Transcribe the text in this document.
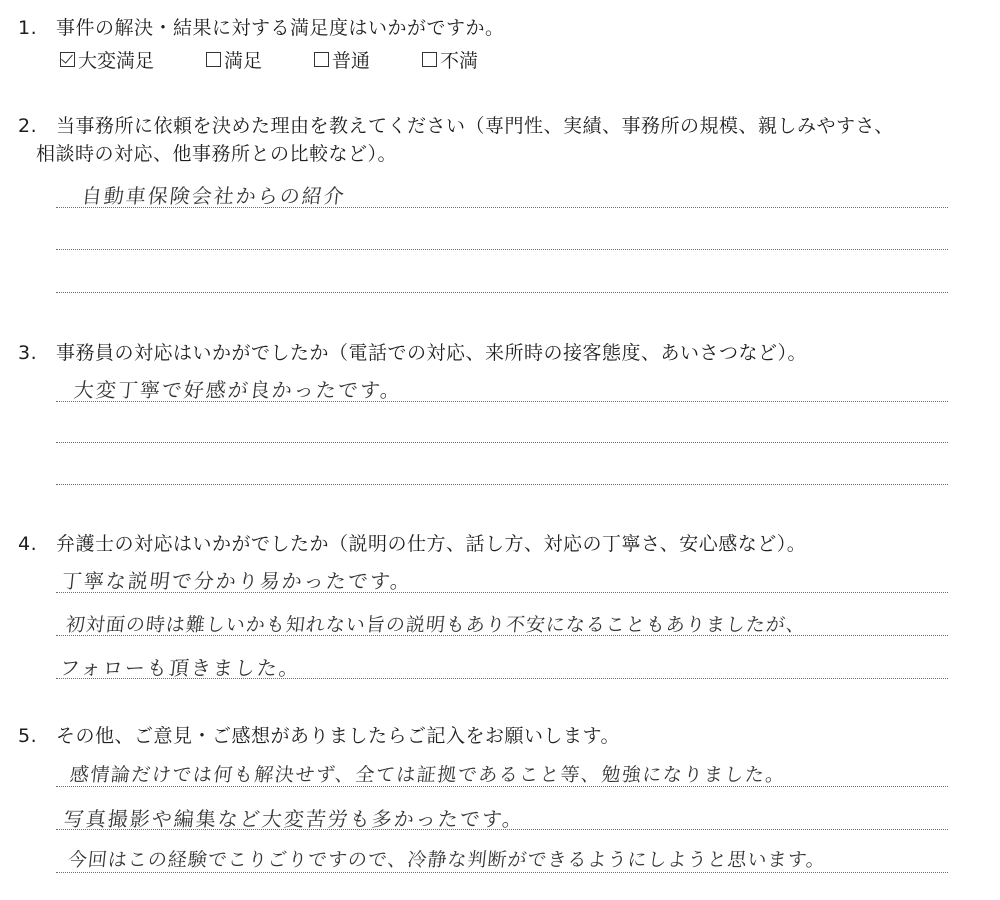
1. 事件の解決・結果に対する満足度はいかがですか。
大変満足	満足	普通	不満
2. 当事務所に依頼を決めた理由を教えてください（専門性、実績、事務所の規模、親しみやすさ、
相談時の対応、他事務所との比較など）。
自動車保険会社からの紹介
3. 事務員の対応はいかがでしたか（電話での対応、来所時の接客態度、あいさつなど）。
大変丁寧で好感が良かったです。
4. 弁護士の対応はいかがでしたか（説明の仕方、話し方、対応の丁寧さ、安心感など）。
丁寧な説明で分かり易かったです。
初対面の時は難しいかも知れない旨の説明もあり不安になることもありましたが、
フォローも頂きました。
5. その他、ご意見・ご感想がありましたらご記入をお願いします。
感情論だけでは何も解決せず、全ては証拠であること等、勉強になりました。
写真撮影や編集など大変苦労も多かったです。
今回はこの経験でこりごりですので、冷静な判断ができるようにしようと思います。
